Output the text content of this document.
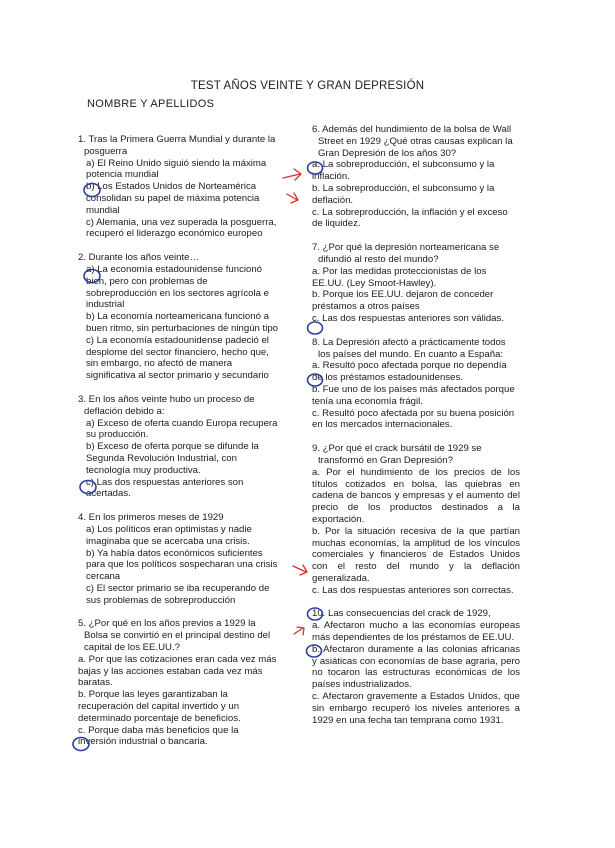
TEST AÑOS VEINTE Y GRAN DEPRESIÓN
NOMBRE Y APELLIDOS

1. Tras la Primera Guerra Mundial y durante la posguerra

a) El Reino Unido siguió siendo la máxima potencia mundial

b) Los Estados Unidos de Norteamérica consolidan su papel de máxima potencia mundial

c) Alemania, una vez superada la posguerra, recuperó el liderazgo económico europeo

2. Durante los años veinte…

a) La economía estadounidense funcionó bien, pero con problemas de sobreproducción en los sectores agrícola e industrial

b) La economía norteamericana funcionó a buen ritmo, sin perturbaciones de ningún tipo

c) La economía estadounidense padeció el desplome del sector financiero, hecho que, sin embargo, no afectó de manera significativa al sector primario y secundario

3. En los años veinte hubo un proceso de deflación debido a:

a) Exceso de oferta cuando Europa recupera su producción.

b) Exceso de oferta porque se difunde la Segunda Revolución Industrial, con tecnología muy productiva.

c) Las dos respuestas anteriores son acertadas.

4. En los primeros meses de 1929

a) Los políticos eran optimistas y nadie imaginaba que se acercaba una crisis.

b) Ya había datos económicos suficientes para que los políticos sospecharan una crisis cercana

c) El sector primario se iba recuperando de sus problemas de sobreproducción

5. ¿Por qué en los años previos a 1929 la Bolsa se convirtió en el principal destino del capital de los EE.UU.?

a. Por que las cotizaciones eran cada vez más bajas y las acciones estaban cada vez más baratas.

b. Porque las leyes garantizaban la recuperación del capital invertido y un determinado porcentaje de beneficios.

c. Porque daba más beneficios que la inversión industrial o bancaria.

6. Además del hundimiento de la bolsa de Wall Street en 1929 ¿Qué otras causas explican la Gran Depresión de los años 30?

a. La sobreproducción, el subconsumo y la inflación.

b. La sobreproducción, el subconsumo y la deflación.

c. La sobreproducción, la inflación y el exceso de liquidez.

7. ¿Por qué la depresión norteamericana se difundió al resto del mundo?

a. Por las medidas proteccionistas de los EE.UU. (Ley Smoot-Hawley).

b. Porque los EE.UU. dejaron de conceder préstamos a otros países

c. Las dos respuestas anteriores son válidas.

8. La Depresión afectó a prácticamente todos los países del mundo. En cuanto a España:

a. Resultó poco afectada porque no dependía de los préstamos estadounidenses.

b. Fue uno de los países más afectados porque tenía una economía frágil.

c. Resultó poco afectada por su buena posición en los mercados internacionales.

9. ¿Por qué el crack bursátil de 1929 se transformó en Gran Depresión?

a. Por el hundimiento de los precios de los títulos cotizados en bolsa, las quiebras en cadena de bancos y empresas y el aumento del precio de los productos destinados a la exportación.

b. Por la situación recesiva de la que partían muchas economías, la amplitud de los vínculos comerciales y financieros de Estados Unidos con el resto del mundo y la deflación generalizada.

c. Las dos respuestas anteriores son correctas.

10. Las consecuencias del crack de 1929,

a. Afectaron mucho a las economías europeas más dependientes de los préstamos de EE.UU.

b. Afectaron duramente a las colonias africanas y asiáticas con economías de base agraria, pero no tocaron las estructuras económicas de los países industrializados.

c. Afectaron gravemente a Estados Unidos, que sin embargo recuperó los niveles anteriores a 1929 en una fecha tan temprana como 1931.
